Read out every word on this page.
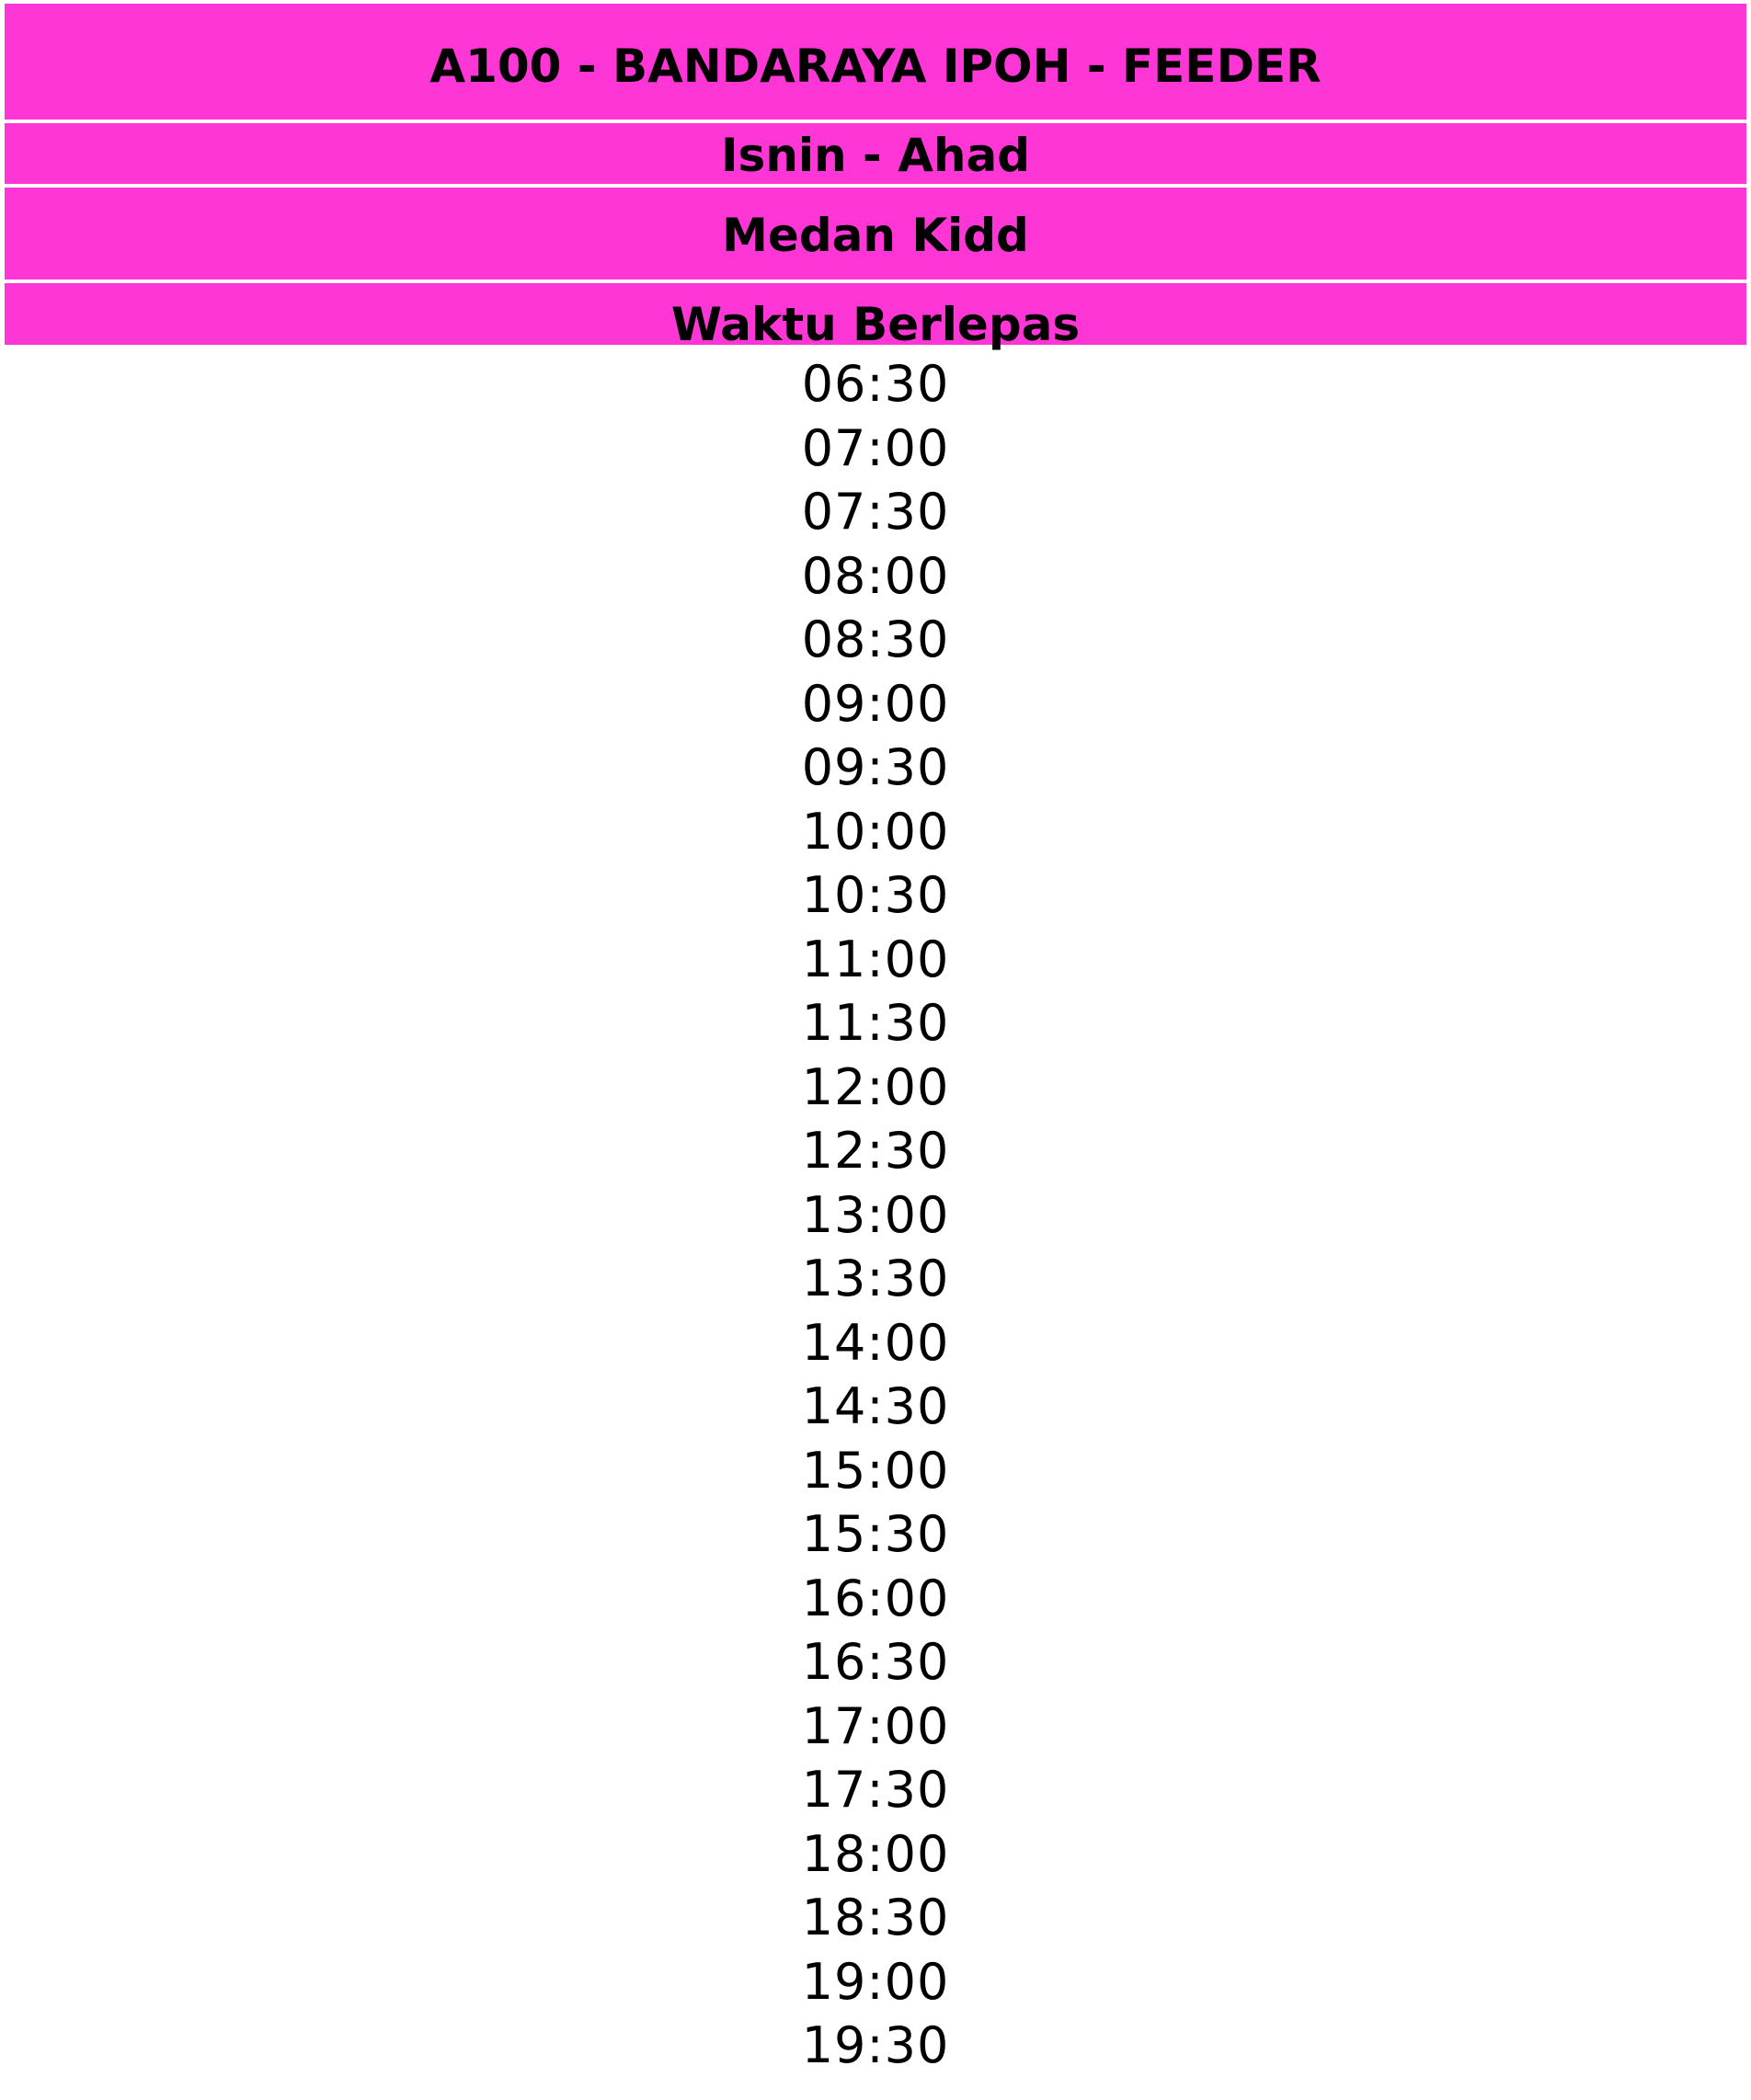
A100 - BANDARAYA IPOH - FEEDER
Isnin - Ahad
Medan Kidd
Waktu Berlepas
06:30
07:00
07:30
08:00
08:30
09:00
09:30
10:00
10:30
11:00
11:30
12:00
12:30
13:00
13:30
14:00
14:30
15:00
15:30
16:00
16:30
17:00
17:30
18:00
18:30
19:00
19:30
